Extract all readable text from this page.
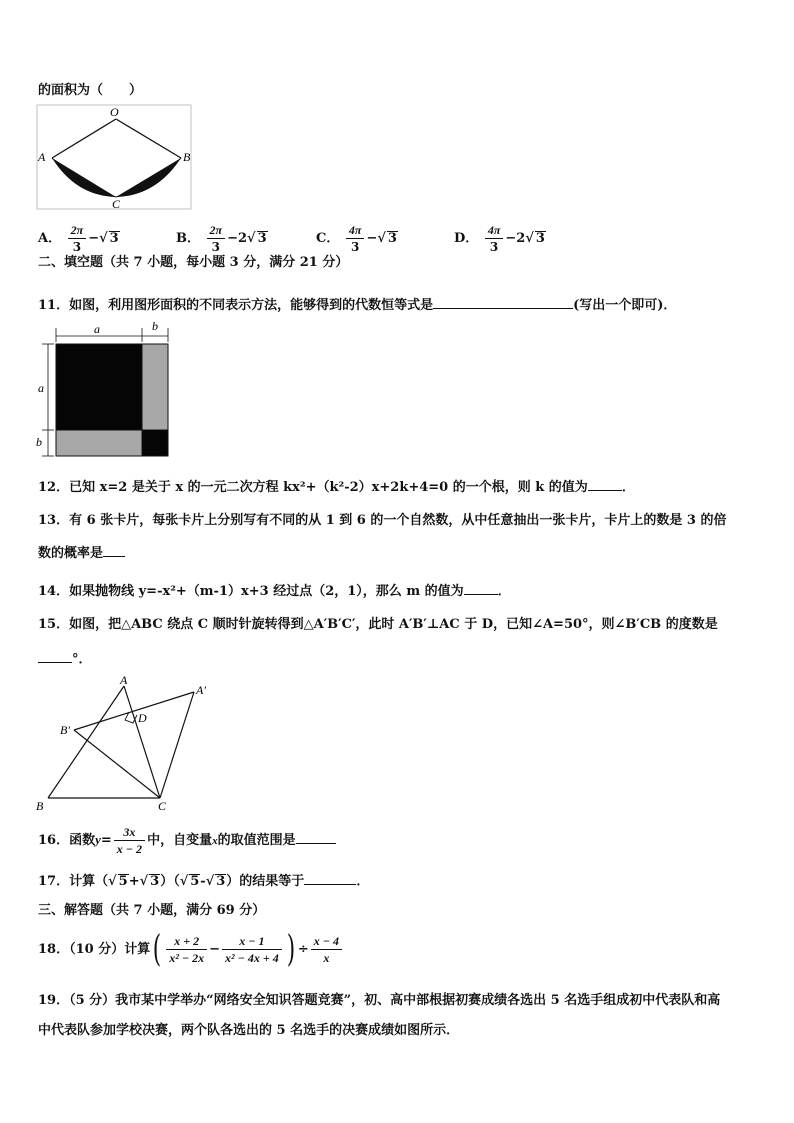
的面积为（　　）
O
A	B
C
A． $\frac{2\pi}{3}$ −√ 3	B． $\frac{2\pi}{3} -2√$ 3	C． $\frac{4\pi}{3}$ −√ 3	D． $\frac{4\pi}{3} -2√$ 3
二、填空题（共 7 小题，每小题 3 分，满分 21 分）
11．如图，利用图形面积的不同表示方法，能够得到的代数恒等式是	(写出一个即可)．
a	b
a
b
12．已知 x=2 是关于 x 的一元二次方程 kx²+（k²-2）x+2k+4=0 的一个根，则 k 的值为	．
13．有 6 张卡片，每张卡片上分别写有不同的从 1 到 6 的一个自然数，从中任意抽出一张卡片，卡片上的数是 3 的倍
数的概率是
14．如果抛物线 y=-x²+（m-1）x+3 经过点（2，1），那么 m 的值为	．
15．如图，把△ABC 绕点 C 顺时针旋转得到△A′B′C′，此时 A′B′⊥AC 于 D，已知∠A=50°，则∠B′CB 的度数是
°．
A
A′
B′
D
B	C
16．函数$y= \frac{3x}{x - 2}$ 中，自变量x的取值范围是
17．计算（√ 5+√ 3）（√ 5-√ 3）的结果等于	．
三、解答题（共 7 小题，满分 69 分）
18．（10 分）计算( $\frac{x + 2}{\text{x² − 2x}} - \frac{x - 1}{\text{x² − 4x + 4}}$ ) ÷ $\frac{x - 4}{x}$
19．（5 分）我市某中学举办“网络安全知识答题竞赛”，初、高中部根据初赛成绩各选出 5 名选手组成初中代表队和高
中代表队参加学校决赛，两个队各选出的 5 名选手的决赛成绩如图所示．
